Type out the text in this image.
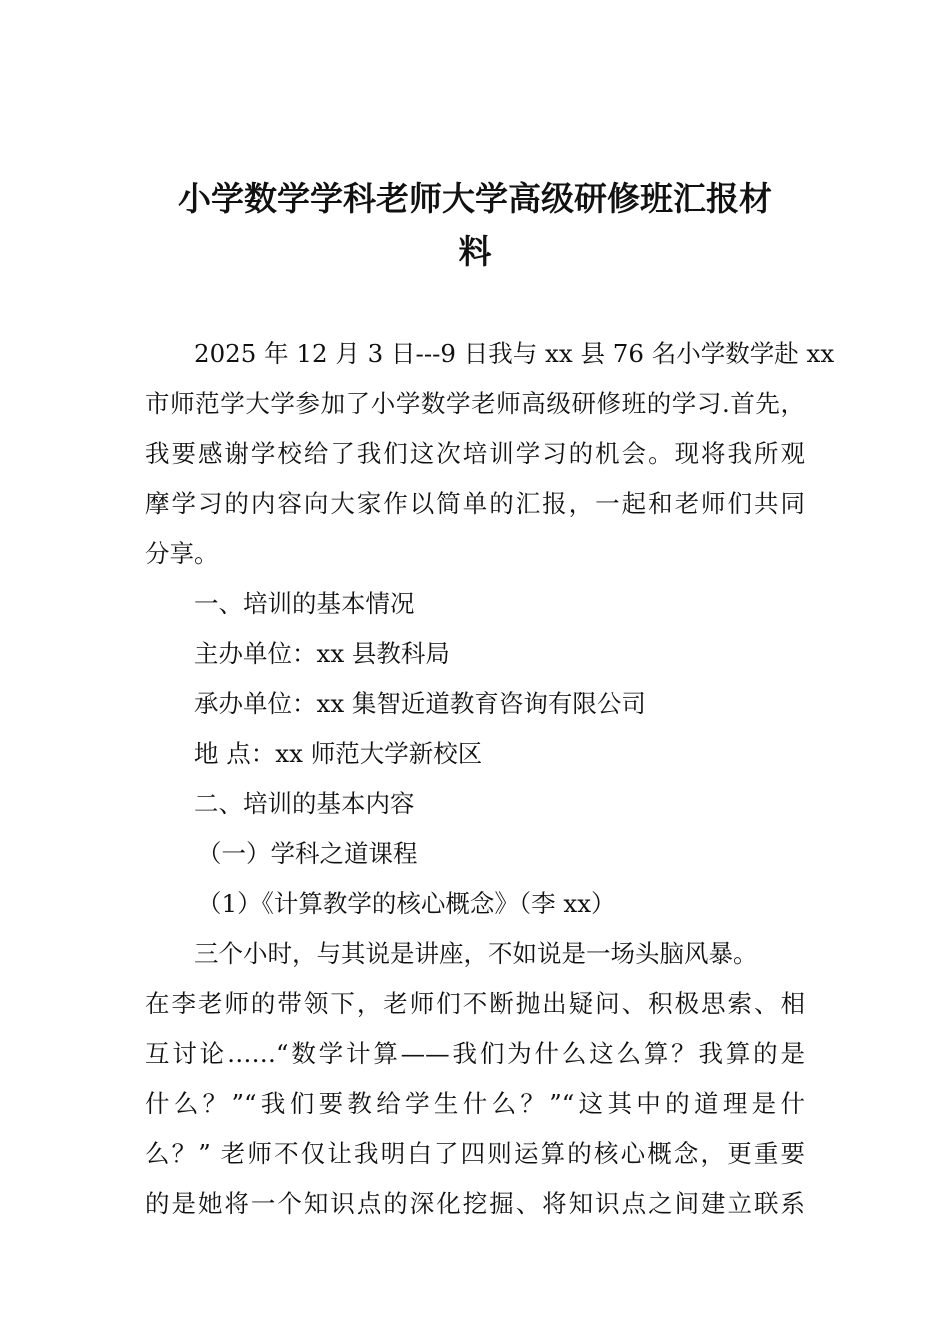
小学数学学科老师大学高级研修班汇报材
料
2025 年 12 月 3 日---9 日我与 xx 县 76 名小学数学赴 xx
市师范学大学参加了小学数学老师高级研修班的学习.首先，
我要感谢学校给了我们这次培训学习的机会。现将我所观
摩学习的内容向大家作以简单的汇报，一起和老师们共同
分享。
一、培训的基本情况
主办单位：xx 县教科局
承办单位：xx 集智近道教育咨询有限公司
地 点：xx 师范大学新校区
二、培训的基本内容
（一）学科之道课程
（1）《计算教学的核心概念》（李 xx）
三个小时，与其说是讲座，不如说是一场头脑风暴。
在李老师的带领下，老师们不断抛出疑问、积极思索、相
互讨论……“数学计算——我们为什么这么算？我算的是
什么？”“我们要教给学生什么？”“这其中的道理是什
么？” 老师不仅让我明白了四则运算的核心概念，更重要
的是她将一个知识点的深化挖掘、将知识点之间建立联系
